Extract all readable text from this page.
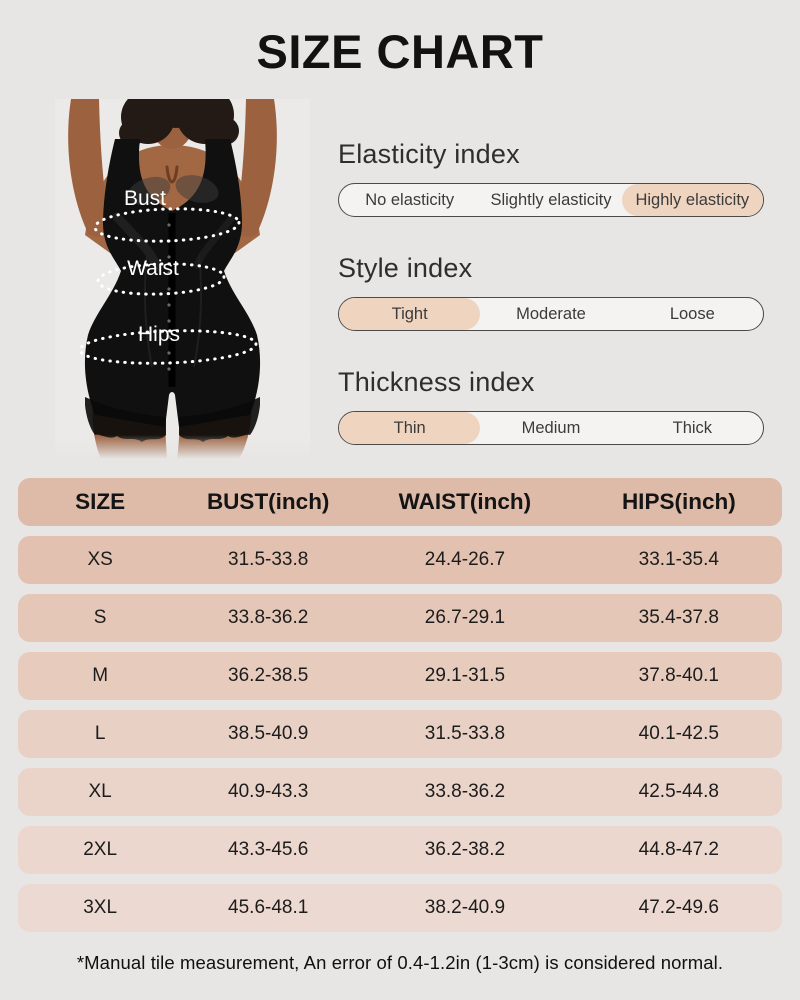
SIZE CHART
Bust
Waist
Hips
Elasticity index
No elasticity	Slightly elasticity	Highly elasticity
Style index
Tight	Moderate	Loose
Thickness index
Thin	Medium	Thick
SIZE	BUST(inch)	WAIST(inch)	HIPS(inch)
XS	31.5-33.8	24.4-26.7	33.1-35.4
S	33.8-36.2	26.7-29.1	35.4-37.8
M	36.2-38.5	29.1-31.5	37.8-40.1
L	38.5-40.9	31.5-33.8	40.1-42.5
XL	40.9-43.3	33.8-36.2	42.5-44.8
2XL	43.3-45.6	36.2-38.2	44.8-47.2
3XL	45.6-48.1	38.2-40.9	47.2-49.6
*Manual tile measurement, An error of 0.4-1.2in (1-3cm) is considered normal.
